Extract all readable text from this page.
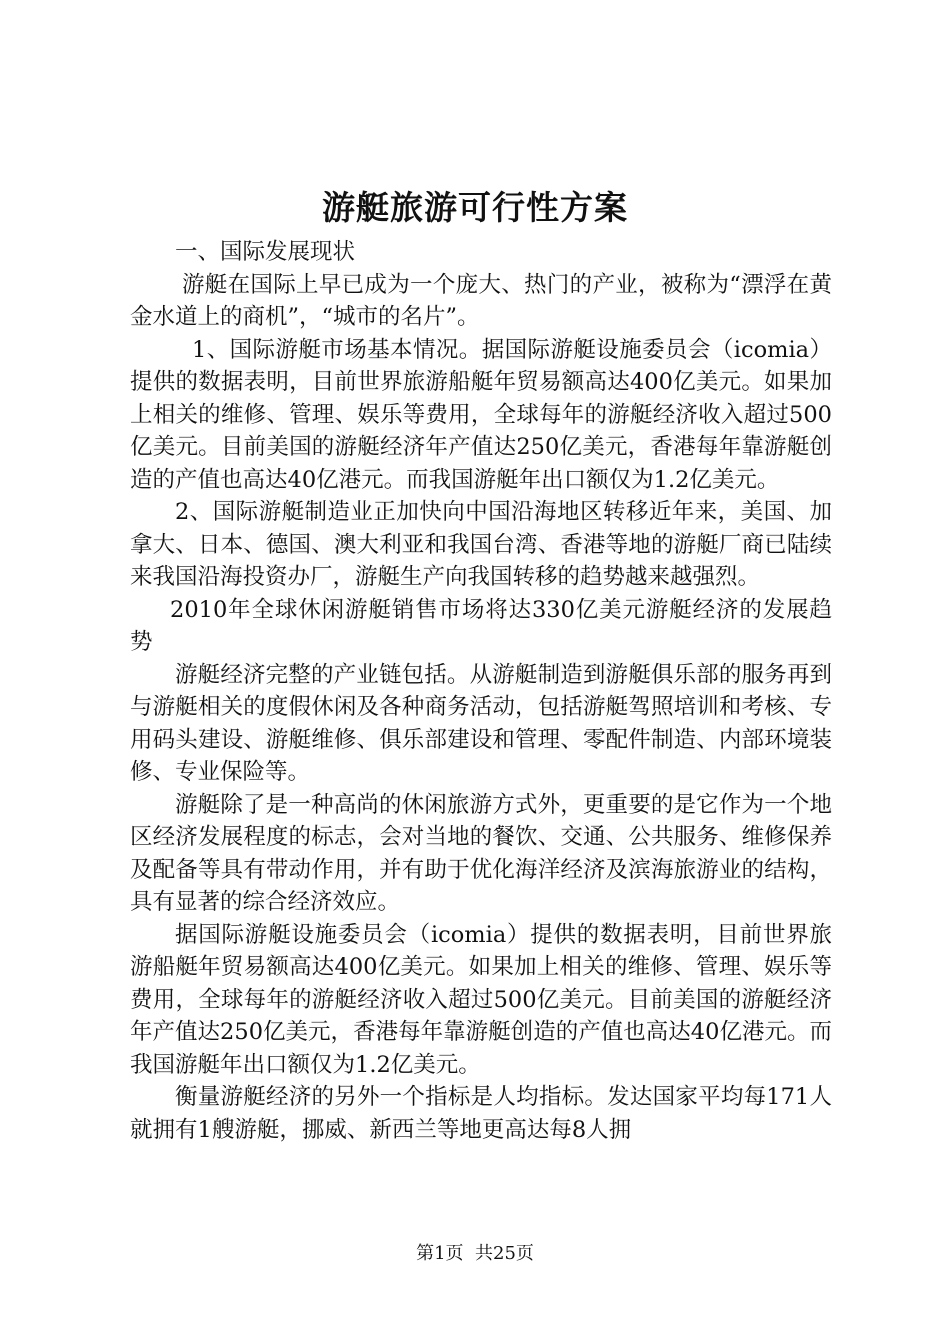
游艇旅游可行性方案

一、国际发展现状

游艇在国际上早已成为一个庞大、热门的产业，被称为“漂浮在黄金水道上的商机”，“城市的名片”。

1、国际游艇市场基本情况。据国际游艇设施委员会（icomia）提供的数据表明，目前世界旅游船艇年贸易额高达400亿美元。如果加上相关的维修、管理、娱乐等费用，全球每年的游艇经济收入超过500亿美元。目前美国的游艇经济年产值达250亿美元，香港每年靠游艇创造的产值也高达40亿港元。而我国游艇年出口额仅为1.2亿美元。

2、国际游艇制造业正加快向中国沿海地区转移近年来，美国、加拿大、日本、德国、澳大利亚和我国台湾、香港等地的游艇厂商已陆续来我国沿海投资办厂，游艇生产向我国转移的趋势越来越强烈。

2010年全球休闲游艇销售市场将达330亿美元游艇经济的发展趋势

游艇经济完整的产业链包括。从游艇制造到游艇俱乐部的服务再到与游艇相关的度假休闲及各种商务活动，包括游艇驾照培训和考核、专用码头建设、游艇维修、俱乐部建设和管理、零配件制造、内部环境装修、专业保险等。

游艇除了是一种高尚的休闲旅游方式外，更重要的是它作为一个地区经济发展程度的标志，会对当地的餐饮、交通、公共服务、维修保养及配备等具有带动作用，并有助于优化海洋经济及滨海旅游业的结构，具有显著的综合经济效应。

据国际游艇设施委员会（icomia）提供的数据表明，目前世界旅游船艇年贸易额高达400亿美元。如果加上相关的维修、管理、娱乐等费用，全球每年的游艇经济收入超过500亿美元。目前美国的游艇经济年产值达250亿美元，香港每年靠游艇创造的产值也高达40亿港元。而我国游艇年出口额仅为1.2亿美元。

衡量游艇经济的另外一个指标是人均指标。发达国家平均每171人就拥有1艘游艇，挪威、新西兰等地更高达每8人拥

第1页 共25页
